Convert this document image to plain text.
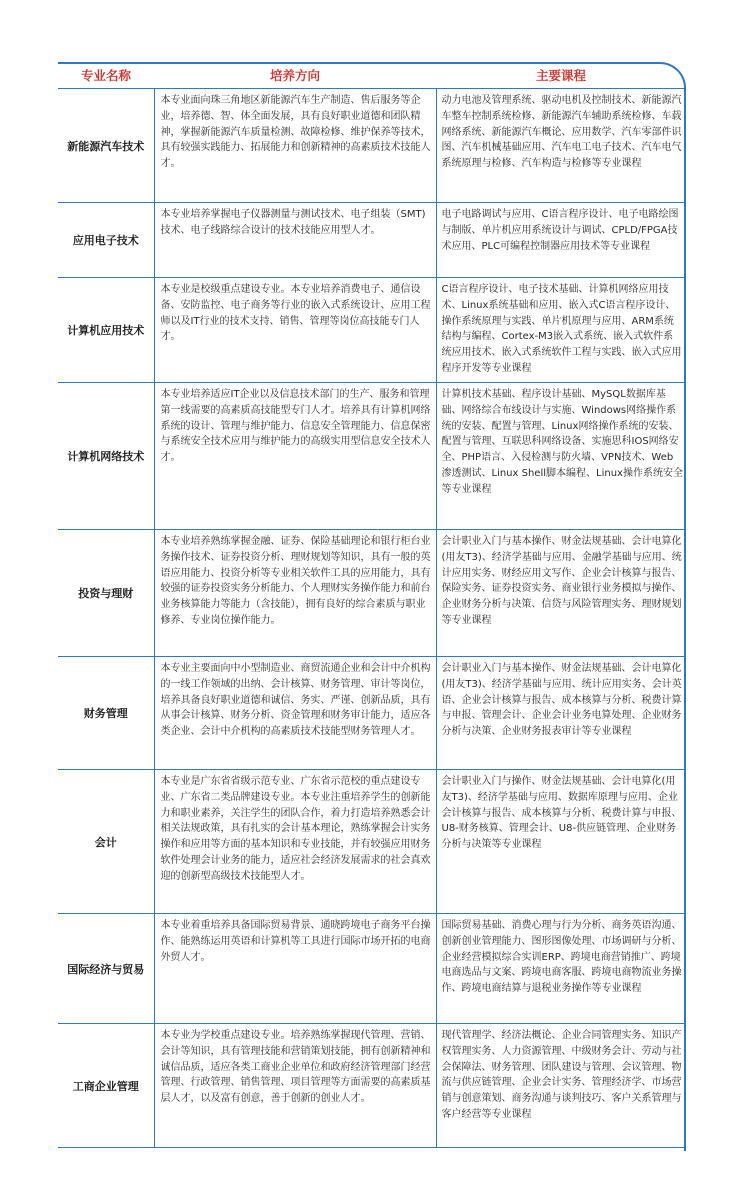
专业名称	培养方向	主要课程
新能源汽车技术	本专业面向珠三角地区新能源汽车生产制造、售后服务等企业，培养德、智、体全面发展，具有良好职业道德和团队精神，掌握新能源汽车质量检测、故障检修、维护保养等技术，具有较强实践能力、拓展能力和创新精神的高素质技术技能人才。	动力电池及管理系统、驱动电机及控制技术、新能源汽车整车控制系统检修、新能源汽车辅助系统检修、车载网络系统、新能源汽车概论、应用数学、汽车零部件识图、汽车机械基础应用、汽车电工电子技术、汽车电气系统原理与检修、汽车构造与检修等专业课程

应用电子技术	本专业培养掌握电子仪器测量与测试技术、电子组装（SMT)技术、电子线路综合设计的技术技能应用型人才。	电子电路调试与应用、C语言程序设计、电子电路绘图与制版、单片机应用系统设计与调试、CPLD/FPGA技术应用、PLC可编程控制器应用技术等专业课程

计算机应用技术	本专业是校级重点建设专业。本专业培养消费电子、通信设备、安防监控、电子商务等行业的嵌入式系统设计、应用工程师以及IT行业的技术支持、销售、管理等岗位高技能专门人才。	C语言程序设计、电子技术基础、计算机网络应用技术、Linux系统基础和应用、嵌入式C语言程序设计、操作系统原理与实践、单片机原理与应用、ARM系统结构与编程、Cortex-M3嵌入式系统、嵌入式软件系统应用技术、嵌入式系统软件工程与实践、嵌入式应用程序开发等专业课程

计算机网络技术	本专业培养适应IT企业以及信息技术部门的生产、服务和管理第一线需要的高素质高技能型专门人才。培养具有计算机网络系统的设计、管理与维护能力、信息安全管理能力、信息保密与系统安全技术应用与维护能力的高级实用型信息安全技术人才。	计算机技术基础、程序设计基础、MySQL数据库基础、网络综合布线设计与实施、Windows网络操作系统的安装、配置与管理、Linux网络操作系统的安装、配置与管理、互联思科网络设备、实施思科IOS网络安全、PHP语言、入侵检测与防火墙、VPN技术、Web渗透测试、Linux Shell脚本编程、Linux操作系统安全等专业课程

投资与理财	本专业培养熟练掌握金融、证券、保险基础理论和银行柜台业务操作技术、证券投资分析、理财规划等知识，具有一般的英语应用能力、投资分析等专业相关软件工具的应用能力，具有较强的证券投资实务分析能力、个人理财实务操作能力和前台业务核算能力等能力（含技能），拥有良好的综合素质与职业修养、专业岗位操作能力。	会计职业入门与基本操作、财金法规基础、会计电算化(用友T3)、经济学基础与应用、金融学基础与应用、统计应用实务、财经应用文写作、企业会计核算与报告、保险实务、证券投资实务、商业银行业务模拟与操作、企业财务分析与决策、信贷与风险管理实务、理财规划等专业课程

财务管理	本专业主要面向中小型制造业、商贸流通企业和会计中介机构的一线工作领域的出纳、会计核算、财务管理、审计等岗位，培养具备良好职业道德和诚信、务实、严谨、创新品质，具有从事会计核算、财务分析、资金管理和财务审计能力，适应各类企业、会计中介机构的高素质技术技能型财务管理人才。	会计职业入门与基本操作、财金法规基础、会计电算化(用友T3)、经济学基础与应用、统计应用实务、会计英语、企业会计核算与报告、成本核算与分析、税费计算与申报、管理会计、企业会计业务电算处理、企业财务分析与决策、企业财务报表审计等专业课程

会计	本专业是广东省省级示范专业、广东省示范校的重点建设专业、广东省二类品牌建设专业。本专业注重培养学生的创新能力和职业素养，关注学生的团队合作，着力打造培养熟悉会计相关法规政策，具有扎实的会计基本理论，熟练掌握会计实务操作和应用等方面的基本知识和专业技能，并有较强应用财务软件处理会计业务的能力，适应社会经济发展需求的社会真欢迎的创新型高级技术技能型人才。	会计职业入门与操作、财金法规基础、会计电算化(用友T3)、经济学基础与应用、数据库原理与应用、企业会计核算与报告、成本核算与分析、税费计算与申报、U8-财务核算、管理会计、U8-供应链管理、企业财务分析与决策等专业课程

国际经济与贸易	本专业着重培养具备国际贸易背景、通晓跨境电子商务平台操作、能熟练运用英语和计算机等工具进行国际市场开拓的电商外贸人才。	国际贸易基础、消费心理与行为分析、商务英语沟通、创新创业管理能力、图形图像处理、市场调研与分析、企业经营模拟综合实训ERP、跨境电商营销推广、跨境电商选品与文案、跨境电商客服、跨境电商物流业务操作、跨境电商结算与退税业务操作等专业课程

工商企业管理	本专业为学校重点建设专业。培养熟练掌握现代管理、营销、会计等知识，具有管理技能和营销策划技能，拥有创新精神和诚信品质，适应各类工商业企业单位和政府经济管理部门经营管理、行政管理、销售管理、项目管理等方面需要的高素质基层人才，以及富有创意，善于创新的创业人才。	现代管理学、经济法概论、企业合同管理实务、知识产权管理实务、人力资源管理、中级财务会计、劳动与社会保障法、财务管理、团队建设与管理、会议管理、物流与供应链管理、企业会计实务、管理经济学、市场营销与创意策划、商务沟通与谈判技巧、客户关系管理与客户经营等专业课程
